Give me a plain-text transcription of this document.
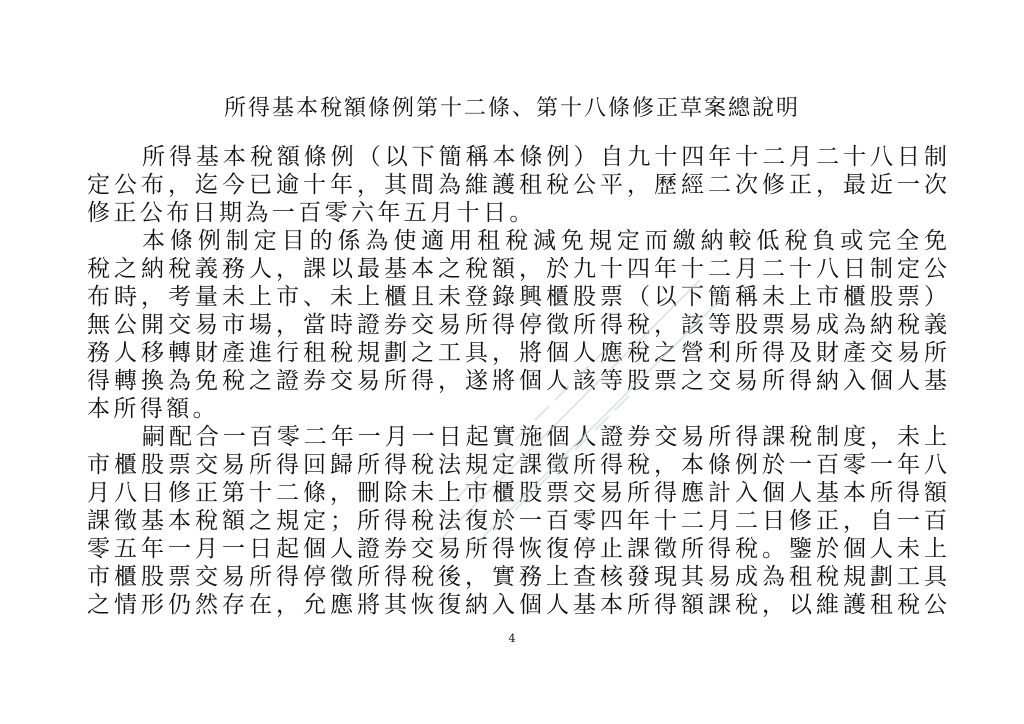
所得基本稅額條例第十二條、第十八條修正草案總說明
所得基本稅額條例（以下簡稱本條例）自九十四年十二月二十八日制
定公布，迄今已逾十年，其間為維護租稅公平，歷經二次修正，最近一次
修正公布日期為一百零六年五月十日。
本條例制定目的係為使適用租稅減免規定而繳納較低稅負或完全免
稅之納稅義務人，課以最基本之稅額，於九十四年十二月二十八日制定公
布時，考量未上市、未上櫃且未登錄興櫃股票（以下簡稱未上市櫃股票）
無公開交易市場，當時證券交易所得停徵所得稅，該等股票易成為納稅義
務人移轉財產進行租稅規劃之工具，將個人應稅之營利所得及財產交易所
得轉換為免稅之證券交易所得，遂將個人該等股票之交易所得納入個人基
本所得額。
嗣配合一百零二年一月一日起實施個人證券交易所得課稅制度，未上
市櫃股票交易所得回歸所得稅法規定課徵所得稅，本條例於一百零一年八
月八日修正第十二條，刪除未上市櫃股票交易所得應計入個人基本所得額
課徵基本稅額之規定；所得稅法復於一百零四年十二月二日修正，自一百
零五年一月一日起個人證券交易所得恢復停止課徵所得稅。鑒於個人未上
市櫃股票交易所得停徵所得稅後，實務上查核發現其易成為租稅規劃工具
之情形仍然存在，允應將其恢復納入個人基本所得額課稅，以維護租稅公
4
